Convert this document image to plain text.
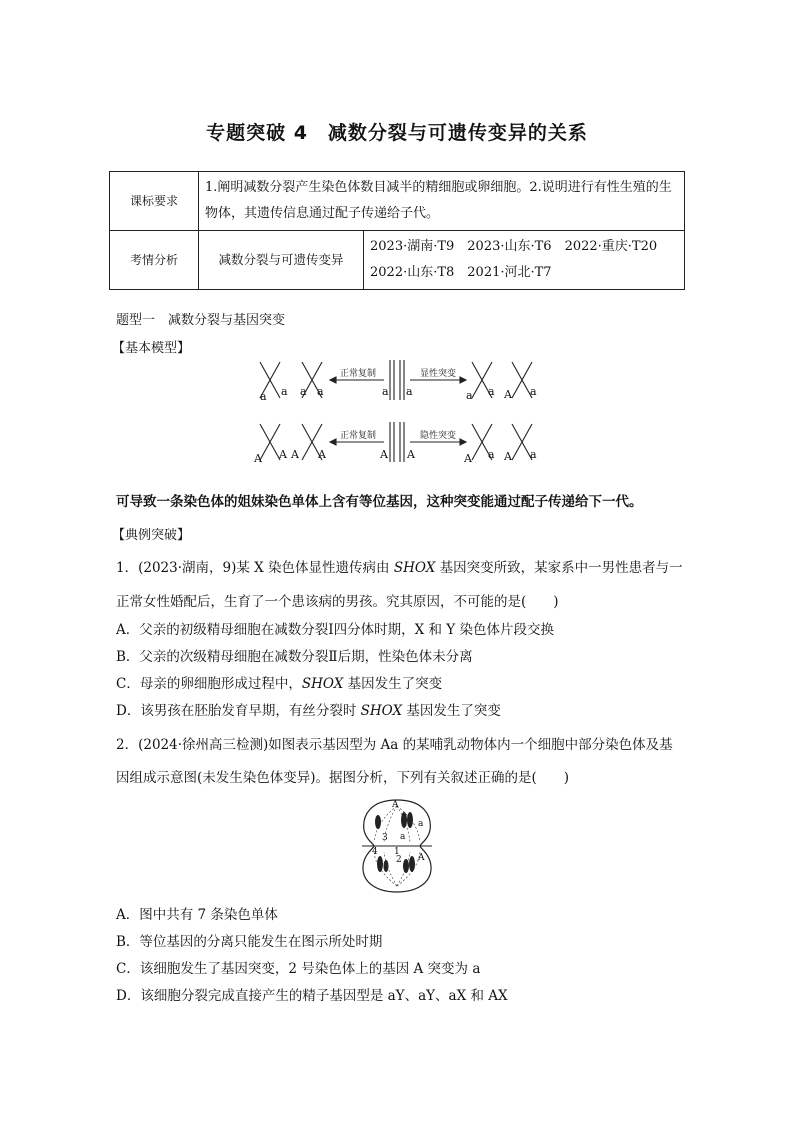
专题突破 4　减数分裂与可遗传变异的关系
课标要求	1.阐明减数分裂产生染色体数目减半的精细胞或卵细胞。2.说明进行有性生殖的生物体，其遗传信息通过配子传递给子代。	
考情分析	减数分裂与可遗传变异	2023·湖南·T9　2023·山东·T6　2022·重庆·T20
2022·山东·T8　2021·河北·T7
题型一　减数分裂与基因突变
【基本模型】
正常复制	显性突变
正常复制	隐性突变
a a a a	a a	a a A a
A A A A	A A	A a A a
可导致一条染色体的姐妹染色单体上含有等位基因，这种突变能通过配子传递给下一代。
【典例突破】
1．(2023·湖南，9)某 X 染色体显性遗传病由 SHOX 基因突变所致，某家系中一男性患者与一
正常女性婚配后，生育了一个患该病的男孩。究其原因，不可能的是(　　)
A．父亲的初级精母细胞在减数分裂Ⅰ四分体时期，X 和 Y 染色体片段交换
B．父亲的次级精母细胞在减数分裂Ⅱ后期，性染色体未分离
C．母亲的卵细胞形成过程中，SHOX 基因发生了突变
D．该男孩在胚胎发育早期，有丝分裂时 SHOX 基因发生了突变
2．(2024·徐州高三检测)如图表示基因型为 Aa 的某哺乳动物体内一个细胞中部分染色体及基
因组成示意图(未发生染色体变异)。据图分析，下列有关叙述正确的是(　　)
A
a
a
A
3
1
2
4
A．图中共有 7 条染色单体
B．等位基因的分离只能发生在图示所处时期
C．该细胞发生了基因突变，2 号染色体上的基因 A 突变为 a
D．该细胞分裂完成直接产生的精子基因型是 aY、aY、aX 和 AX
